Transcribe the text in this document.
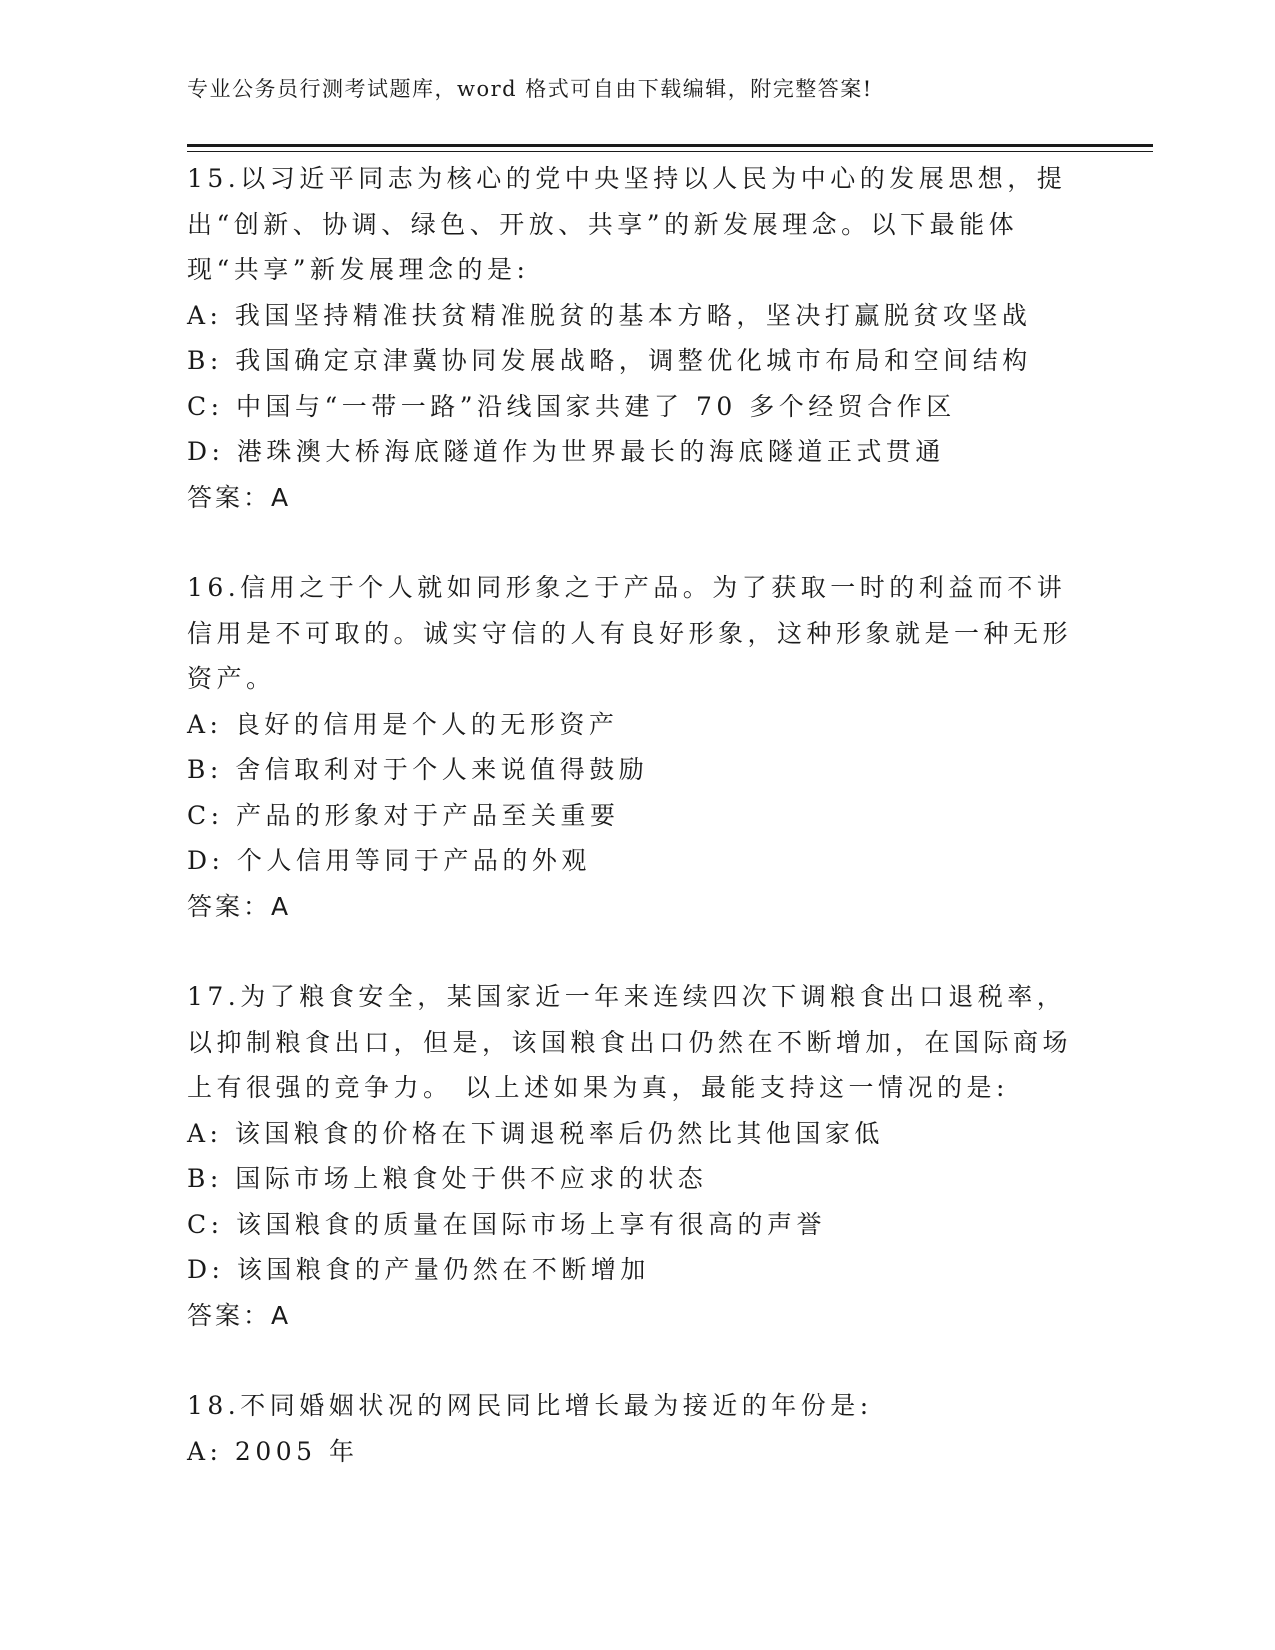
专业公务员行测考试题库，word 格式可自由下载编辑，附完整答案!

15.以习近平同志为核心的党中央坚持以人民为中心的发展思想，提出“创新、协调、绿色、开放、共享”的新发展理念。以下最能体现“共享”新发展理念的是:

A: 我国坚持精准扶贫精准脱贫的基本方略，坚决打赢脱贫攻坚战

B: 我国确定京津冀协同发展战略，调整优化城市布局和空间结构

C: 中国与“一带一路”沿线国家共建了 70 多个经贸合作区

D: 港珠澳大桥海底隧道作为世界最长的海底隧道正式贯通

答案：A

16.信用之于个人就如同形象之于产品。为了获取一时的利益而不讲信用是不可取的。诚实守信的人有良好形象，这种形象就是一种无形资产。

A: 良好的信用是个人的无形资产

B: 舍信取利对于个人来说值得鼓励

C: 产品的形象对于产品至关重要

D: 个人信用等同于产品的外观

答案：A

17.为了粮食安全，某国家近一年来连续四次下调粮食出口退税率，以抑制粮食出口，但是，该国粮食出口仍然在不断增加，在国际商场上有很强的竞争力。 以上述如果为真，最能支持这一情况的是:

A: 该国粮食的价格在下调退税率后仍然比其他国家低

B: 国际市场上粮食处于供不应求的状态

C: 该国粮食的质量在国际市场上享有很高的声誉

D: 该国粮食的产量仍然在不断增加

答案：A

18.不同婚姻状况的网民同比增长最为接近的年份是:

A: 2005 年
